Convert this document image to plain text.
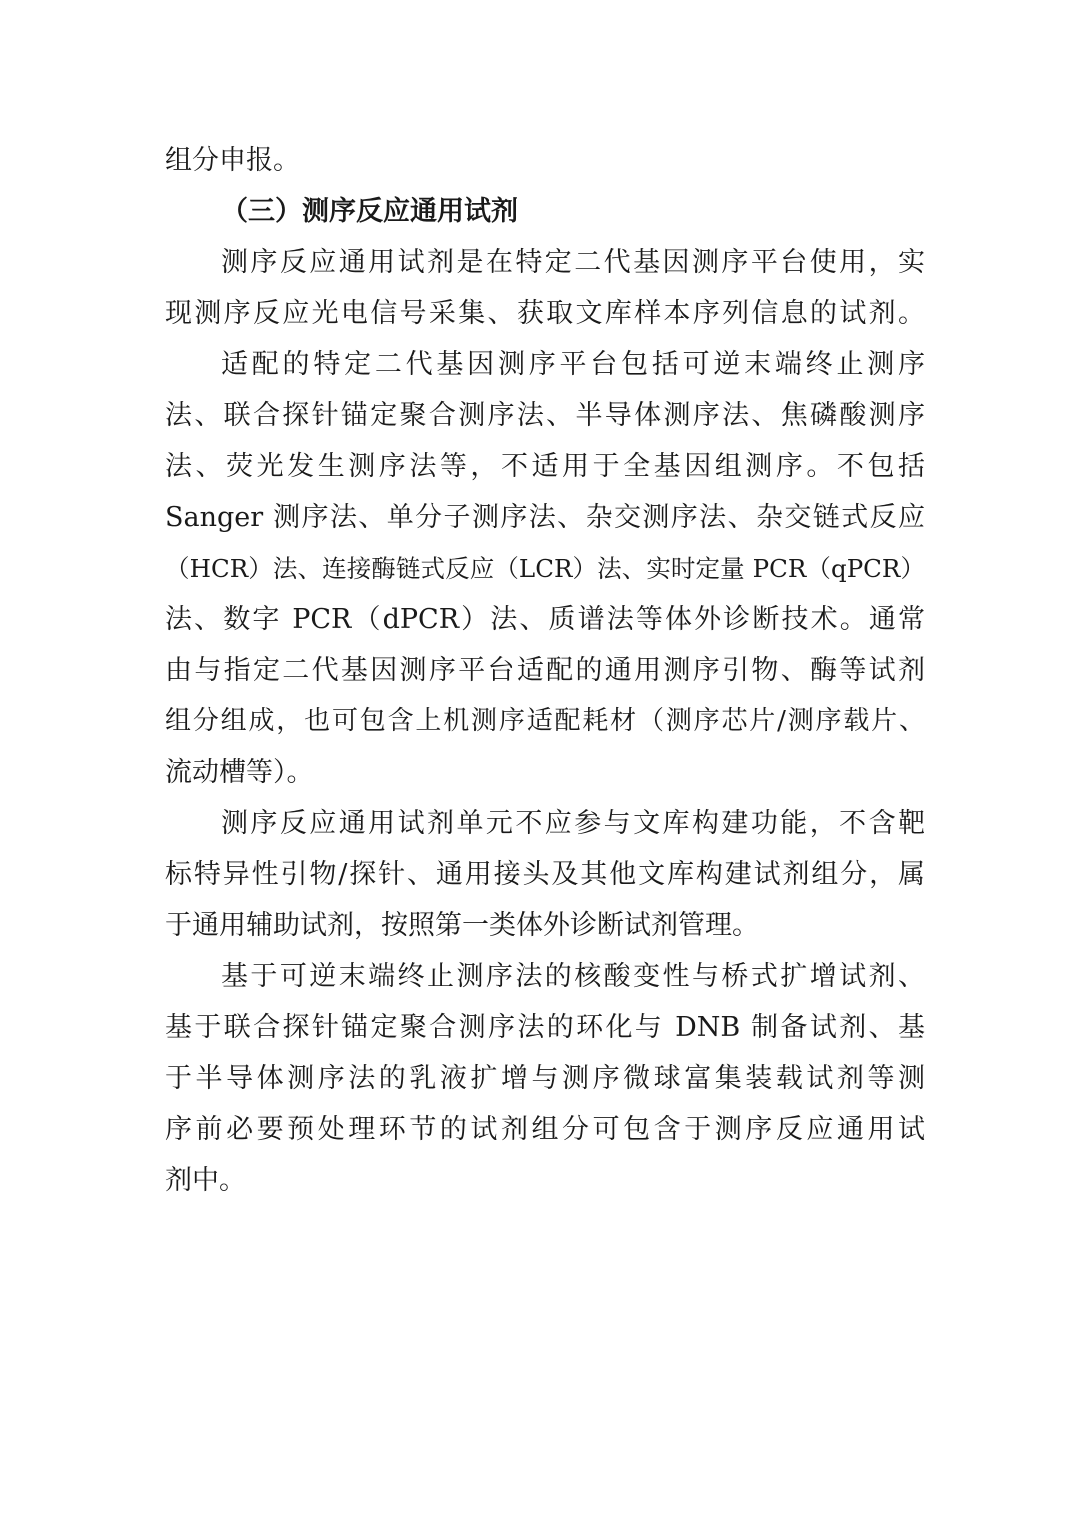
组分申报。
（三）测序反应通用试剂
测序反应通用试剂是在特定二代基因测序平台使用，实
现测序反应光电信号采集、获取文库样本序列信息的试剂。
适配的特定二代基因测序平台包括可逆末端终止测序
法、联合探针锚定聚合测序法、半导体测序法、焦磷酸测序
法、荧光发生测序法等，不适用于全基因组测序。不包括
Sanger 测序法、单分子测序法、杂交测序法、杂交链式反应
（HCR）法、连接酶链式反应（LCR）法、实时定量 PCR（qPCR）
法、数字 PCR（dPCR）法、质谱法等体外诊断技术。通常
由与指定二代基因测序平台适配的通用测序引物、酶等试剂
组分组成，也可包含上机测序适配耗材（测序芯片/测序载片、
流动槽等）。
测序反应通用试剂单元不应参与文库构建功能，不含靶
标特异性引物/探针、通用接头及其他文库构建试剂组分，属
于通用辅助试剂，按照第一类体外诊断试剂管理。
基于可逆末端终止测序法的核酸变性与桥式扩增试剂、
基于联合探针锚定聚合测序法的环化与 DNB 制备试剂、基
于半导体测序法的乳液扩增与测序微球富集装载试剂等测
序前必要预处理环节的试剂组分可包含于测序反应通用试
剂中。
